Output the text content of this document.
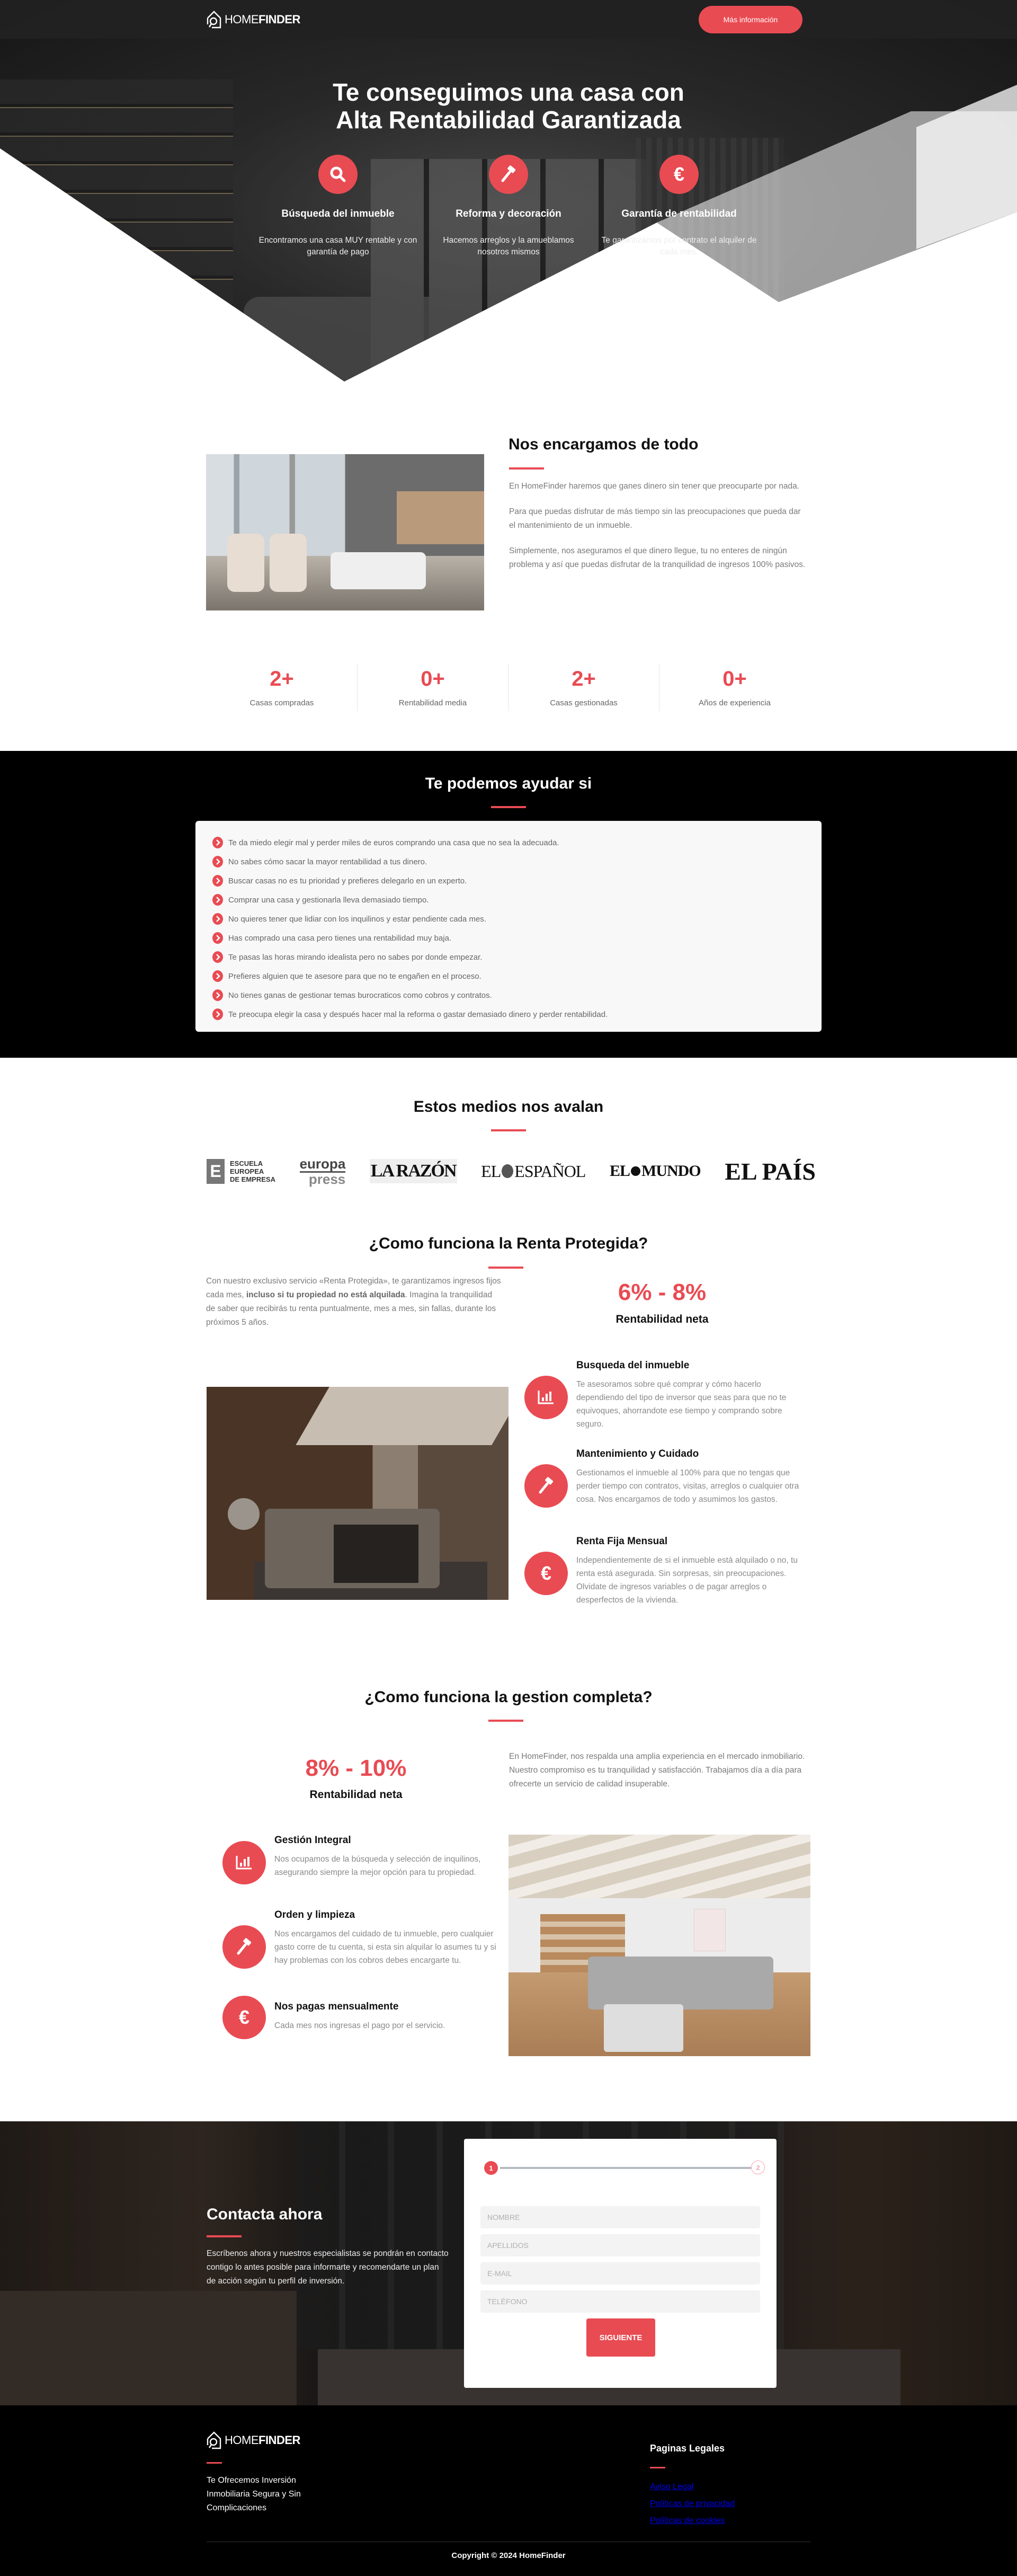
HOME FINDER	Más información
Te conseguimos una casa con
Alta Rentabilidad Garantizada
Búsqueda del inmueble

Encontramos una casa MUY rentable y con garantía de pago

Reforma y decoración

Hacemos arreglos y la amueblamos nosotros mismos

€
Garantía de rentabilidad

Te garantizamos por contrato el alquiler de cada mes.

Nos encargamos de todo

En HomeFinder haremos que ganes dinero sin tener que preocuparte por nada.

Para que puedas disfrutar de más tiempo sin las preocupaciones que pueda dar el mantenimiento de un inmueble.

Simplemente, nos aseguramos el que dinero llegue, tu no enteres de ningún problema y así que puedas disfrutar de la tranquilidad de ingresos 100% pasivos.

2+
Casas compradas
0+
Rentabilidad media
2+
Casas gestionadas
0+
Años de experiencia
Te podemos ayudar si
Te da miedo elegir mal y perder miles de euros comprando una casa que no sea la adecuada.
No sabes cómo sacar la mayor rentabilidad a tus dinero.
Buscar casas no es tu prioridad y prefieres delegarlo en un experto.
Comprar una casa y gestionarla lleva demasiado tiempo.
No quieres tener que lidiar con los inquilinos y estar pendiente cada mes.
Has comprado una casa pero tienes una rentabilidad muy baja.
Te pasas las horas mirando idealista pero no sabes por donde empezar.
Prefieres alguien que te asesore para que no te engañen en el proceso.
No tienes ganas de gestionar temas burocraticos como cobros y contratos.
Te preocupa elegir la casa y después hacer mal la reforma o gastar demasiado dinero y perder rentabilidad.
Estos medios nos avalan
E	ESCUELA
EUROPEA
DE EMPRESA
europa
press LA RAZÓN EL ESPAÑOL EL MUNDO EL PAÍS
¿Como funciona la Renta Protegida?

Con nuestro exclusivo servicio «Renta Protegida», te garantizamos ingresos fijos cada mes, incluso si tu propiedad no está alquilada. Imagina la tranquilidad de saber que recibirás tu renta puntualmente, mes a mes, sin fallas, durante los próximos 5 años.

6% - 8%
Rentabilidad neta
Busqueda del inmueble

Te asesoramos sobre qué comprar y cómo hacerlo dependiendo del tipo de inversor que seas para que no te equivoques, ahorrandote ese tiempo y comprando sobre seguro.

Mantenimiento y Cuidado

Gestionamos el inmueble al 100% para que no tengas que perder tiempo con contratos, visitas, arreglos o cualquier otra cosa. Nos encargamos de todo y asumimos los gastos.

€
Renta Fija Mensual

Independientemente de si el inmueble está alquilado o no, tu renta está asegurada. Sin sorpresas, sin preocupaciones. Olvidate de ingresos variables o de pagar arreglos o desperfectos de la vivienda.

¿Como funciona la gestion completa?
8% - 10%
Rentabilidad neta

En HomeFinder, nos respalda una amplia experiencia en el mercado inmobiliario. Nuestro compromiso es tu tranquilidad y satisfacción. Trabajamos día a día para ofrecerte un servicio de calidad insuperable.

Gestión Integral

Nos ocupamos de la búsqueda y selección de inquilinos, asegurando siempre la mejor opción para tu propiedad.

Orden y limpieza

Nos encargamos del cuidado de tu inmueble, pero cualquier gasto corre de tu cuenta, si esta sin alquilar lo asumes tu y si hay problemas con los cobros debes encargarte tu.

€ Nos pagas mensualmente

Cada mes nos ingresas el pago por el servicio.

Contacta ahora

Escríbenos ahora y nuestros especialistas se pondrán en contacto contigo lo antes posible para informarte y recomendarte un plan de acción según tu perfil de inversión.

1	2
NOMBRE
APELLIDOS
E-MAIL
TELÉFONO
SIGUIENTE
HOME FINDER

Te Ofrecemos Inversión Inmobiliaria Segura y Sin Complicaciones

Paginas Legales
Aviso Legal
Políticas de privacidad
Políticas de cookies
Copyright © 2024 HomeFinder
